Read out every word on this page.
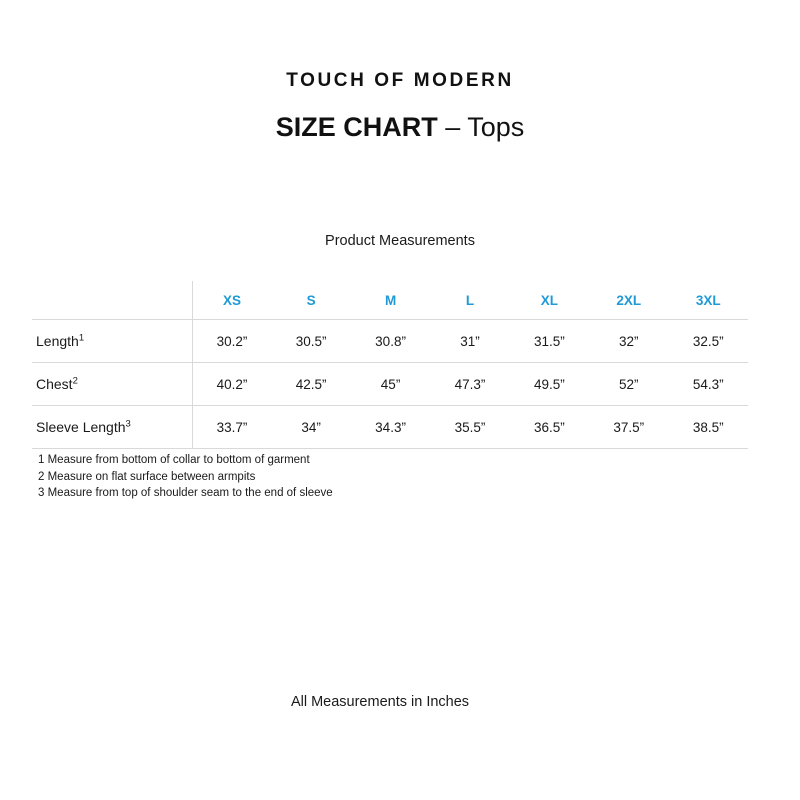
TOUCH OF MODERN
SIZE CHART – Tops
Product Measurements
	XS	S	M	L	XL	2XL	3XL
Length$^1$	30.2”	30.5”	30.8”	31”	31.5”	32”	32.5”
Chest$^2$	40.2”	42.5”	45”	47.3”	49.5”	52”	54.3”
Sleeve Length$^3$	33.7”	34”	34.3”	35.5”	36.5”	37.5”	38.5”
1 Measure from bottom of collar to bottom of garment
2 Measure on flat surface between armpits
3 Measure from top of shoulder seam to the end of sleeve
All Measurements in Inches
